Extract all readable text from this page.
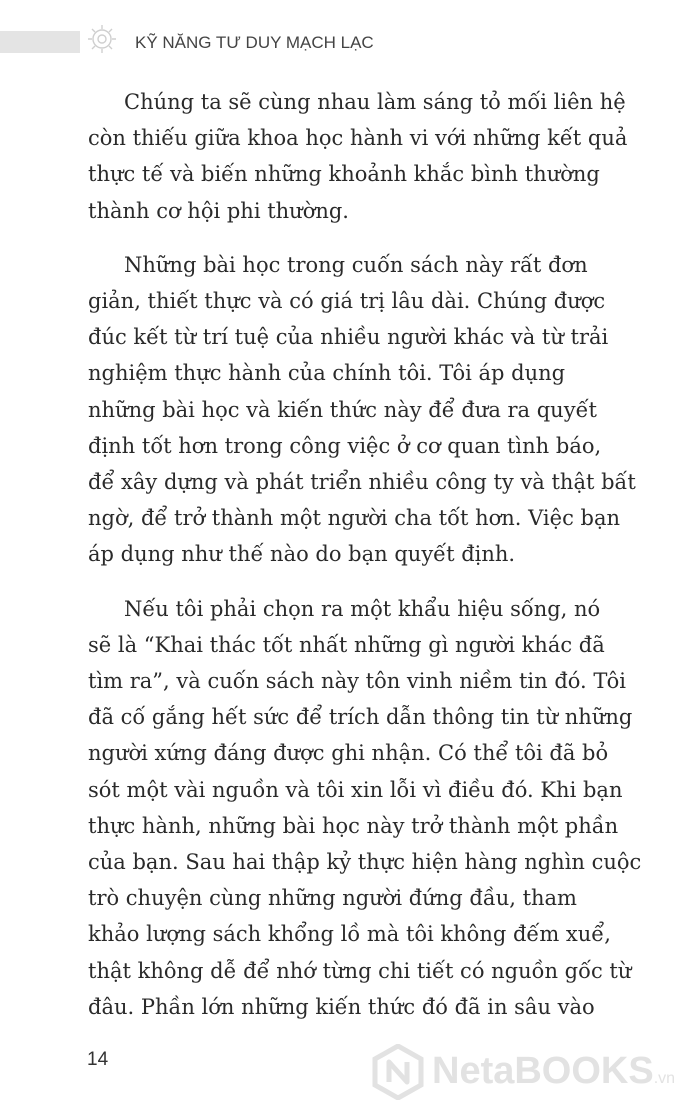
KỸ NĂNG TƯ DUY MẠCH LẠC

Chúng ta sẽ cùng nhau làm sáng tỏ mối liên hệ
còn thiếu giữa khoa học hành vi với những kết quả
thực tế và biến những khoảnh khắc bình thường
thành cơ hội phi thường.

Những bài học trong cuốn sách này rất đơn
giản, thiết thực và có giá trị lâu dài. Chúng được
đúc kết từ trí tuệ của nhiều người khác và từ trải
nghiệm thực hành của chính tôi. Tôi áp dụng
những bài học và kiến thức này để đưa ra quyết
định tốt hơn trong công việc ở cơ quan tình báo,
để xây dựng và phát triển nhiều công ty và thật bất
ngờ, để trở thành một người cha tốt hơn. Việc bạn
áp dụng như thế nào do bạn quyết định.

Nếu tôi phải chọn ra một khẩu hiệu sống, nó
sẽ là “Khai thác tốt nhất những gì người khác đã
tìm ra”, và cuốn sách này tôn vinh niềm tin đó. Tôi
đã cố gắng hết sức để trích dẫn thông tin từ những
người xứng đáng được ghi nhận. Có thể tôi đã bỏ
sót một vài nguồn và tôi xin lỗi vì điều đó. Khi bạn
thực hành, những bài học này trở thành một phần
của bạn. Sau hai thập kỷ thực hiện hàng nghìn cuộc
trò chuyện cùng những người đứng đầu, tham
khảo lượng sách khổng lồ mà tôi không đếm xuể,
thật không dễ để nhớ từng chi tiết có nguồn gốc từ
đâu. Phần lớn những kiến thức đó đã in sâu vào

14	NetaBOOKS.vn
